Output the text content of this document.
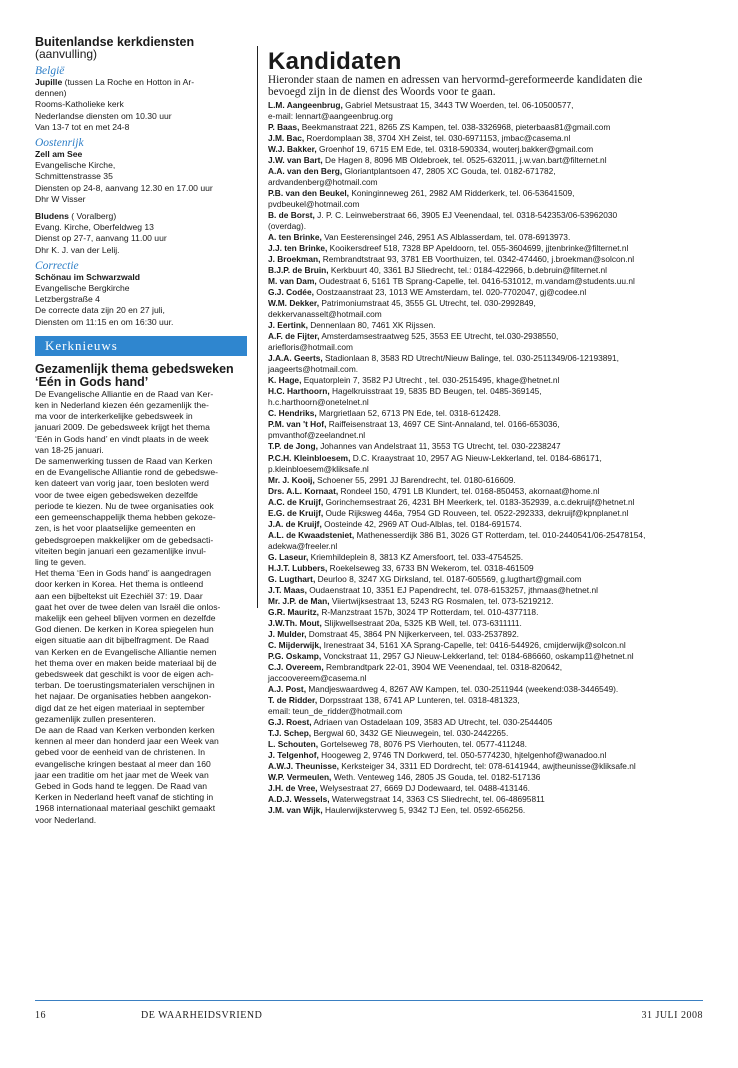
Buitenlandse kerkdiensten
(aanvulling)
België
Jupille (tussen La Roche en Hotton in Ar-
dennen)
Rooms-Katholieke kerk
Nederlandse diensten om 10.30 uur
Van 13-7 tot en met 24-8
Oostenrijk
Zell am See
Evangelische Kirche,
Schmittenstrasse 35
Diensten op 24-8, aanvang 12.30 en 17.00 uur
Dhr W Visser
Bludens ( Voralberg)
Evang. Kirche, Oberfeldweg 13
Dienst op 27-7, aanvang 11.00 uur
Dhr K. J. van der Lelij.
Correctie
Schönau im Schwarzwald
Evangelische Bergkirche
Letzbergstraße 4
De correcte data zijn 20 en 27 juli,
Diensten om 11:15 en om 16:30 uur.
Kerknieuws
Gezamenlijk thema gebedsweken
‘Eén in Gods hand’
De Evangelische Alliantie en de Raad van Ker-
ken in Nederland kiezen één gezamenlijk the-
ma voor de interkerkelijke gebedsweek in
januari 2009. De gebedsweek krijgt het thema
‘Eén in Gods hand’ en vindt plaats in de week
van 18-25 januari.
De samenwerking tussen de Raad van Kerken
en de Evangelische Alliantie rond de gebedswe-
ken dateert van vorig jaar, toen besloten werd
voor de twee eigen gebedsweken dezelfde
periode te kiezen. Nu de twee organisaties ook
een gemeenschappelijk thema hebben gekoze-
zen, is het voor plaatselijke gemeenten en
gebedsgroepen makkelijker om de gebedsacti-
viteiten begin januari een gezamenlijke invul-
ling te geven.
Het thema ‘Een in Gods hand’ is aangedragen
door kerken in Korea. Het thema is ontleend
aan een bijbeltekst uit Ezechiël 37: 19. Daar
gaat het over de twee delen van Israël die onlos-
makelijk een geheel blijven vormen en dezelfde
God dienen. De kerken in Korea spiegelen hun
eigen situatie aan dit bijbelfragment. De Raad
van Kerken en de Evangelische Alliantie nemen
het thema over en maken beide materiaal bij de
gebedsweek dat geschikt is voor de eigen ach-
terban. De toerustingsmaterialen verschijnen in
het najaar. De organisaties hebben aangekon-
digd dat ze het eigen materiaal in september
gezamenlijk zullen presenteren.
De aan de Raad van Kerken verbonden kerken
kennen al meer dan honderd jaar een Week van
gebed voor de eenheid van de christenen. In
evangelische kringen bestaat al meer dan 160
jaar een traditie om het jaar met de Week van
Gebed in Gods hand te leggen. De Raad van
Kerken in Nederland heeft vanaf de stichting in
1968 internationaal materiaal geschikt gemaakt
voor Nederland.
Kandidaten
Hieronder staan de namen en adressen van hervormd-gereformeerde kandidaten die
bevoegd zijn in de dienst des Woords voor te gaan.
L.M. Aangeenbrug, Gabriel Metsustraat 15, 3443 TW Woerden, tel. 06-10500577,
e-mail: lennart@aangeenbrug.org
P. Baas, Beekmanstraat 221, 8265 ZS Kampen, tel. 038-3326968, pieterbaas81@gmail.com
J.M. Bac, Roerdomplaan 38, 3704 XH Zeist, tel. 030-6971153, jmbac@casema.nl
W.J. Bakker, Groenhof 19, 6715 EM Ede, tel. 0318-590334, wouterj.bakker@gmail.com
J.W. van Bart, De Hagen 8, 8096 MB Oldebroek, tel. 0525-632011, j.w.van.bart@filternet.nl
A.A. van den Berg, Gloriantplantsoen 47, 2805 XC Gouda, tel. 0182-671782,
ardvandenberg@hotmail.com
P.B. van den Beukel, Koninginneweg 261, 2982 AM Ridderkerk, tel. 06-53641509,
pvdbeukel@hotmail.com
B. de Borst, J. P. C. Leinweberstraat 66, 3905 EJ Veenendaal, tel. 0318-542353/06-53962030
(overdag).
A. ten Brinke, Van Eesterensingel 246, 2951 AS Alblasserdam, tel. 078-6913973.
J.J. ten Brinke, Kooikersdreef 518, 7328 BP Apeldoorn, tel. 055-3604699, jjtenbrinke@filternet.nl
J. Broekman, Rembrandtstraat 93, 3781 EB Voorthuizen, tel. 0342-474460, j.broekman@solcon.nl
B.J.P. de Bruin, Kerkbuurt 40, 3361 BJ Sliedrecht, tel.: 0184-422966, b.debruin@filternet.nl
M. van Dam, Oudestraat 6, 5161 TB Sprang-Capelle, tel. 0416-531012, m.vandam@students.uu.nl
G.J. Codée, Oostzaanstraat 23, 1013 WE Amsterdam, tel. 020-7702047, gj@codee.nl
W.M. Dekker, Patrimoniumstraat 45, 3555 GL Utrecht, tel. 030-2992849,
dekkervanasselt@hotmail.com
J. Eertink, Dennenlaan 80, 7461 XK Rijssen.
A.F. de Fijter, Amsterdamsestraatweg 525, 3553 EE Utrecht, tel.030-2938550,
ariefloris@hotmail.com
J.A.A. Geerts, Stadionlaan 8, 3583 RD Utrecht/Nieuw Balinge, tel. 030-2511349/06-12193891,
jaageerts@hotmail.com.
K. Hage, Equatorplein 7, 3582 PJ Utrecht , tel. 030-2515495, khage@hetnet.nl
H.C. Harthoorn, Hagelkruisstraat 19, 5835 BD Beugen, tel. 0485-369145,
h.c.harthoorn@onetelnet.nl
C. Hendriks, Margrietlaan 52, 6713 PN Ede, tel. 0318-612428.
P.M. van 't Hof, Raiffeisenstraat 13, 4697 CE Sint-Annaland, tel. 0166-653036,
pmvanthof@zeelandnet.nl
T.P. de Jong, Johannes van Andelstraat 11, 3553 TG Utrecht, tel. 030-2238247
P.C.H. Kleinbloesem, D.C. Kraaystraat 10, 2957 AG Nieuw-Lekkerland, tel. 0184-686171,
p.kleinbloesem@kliksafe.nl
Mr. J. Kooij, Schoener 55, 2991 JJ Barendrecht, tel. 0180-616609.
Drs. A.L. Kornaat, Rondeel 150, 4791 LB Klundert, tel. 0168-850453, akornaat@home.nl
A.C. de Kruijf, Gorinchemsestraat 26, 4231 BH Meerkerk, tel. 0183-352939, a.c.dekruijf@hetnet.nl
E.G. de Kruijf, Oude Rijksweg 446a, 7954 GD Rouveen, tel. 0522-292333, dekruijf@kpnplanet.nl
J.A. de Kruijf, Oosteinde 42, 2969 AT Oud-Alblas, tel. 0184-691574.
A.L. de Kwaadsteniet, Mathenesserdijk 386 B1, 3026 GT Rotterdam, tel. 010-2440541/06-25478154,
adekwa@freeler.nl
G. Laseur, Kriemhildeplein 8, 3813 KZ Amersfoort, tel. 033-4754525.
H.J.T. Lubbers, Roekelseweg 33, 6733 BN Wekerom, tel. 0318-461509
G. Lugthart, Deurloo 8, 3247 XG Dirksland, tel. 0187-605569, g.lugthart@gmail.com
J.T. Maas, Oudaenstraat 10, 3351 EJ Papendrecht, tel. 078-6153257, jthmaas@hetnet.nl
Mr. J.P. de Man, Viiertwijksestraat 13, 5243 RG Rosmalen, tel. 073-5219212.
G.R. Mauritz, R-Manzstraat 157b, 3024 TP Rotterdam, tel. 010-4377118.
J.W.Th. Mout, Slijkwellsestraat 20a, 5325 KB Well, tel. 073-6311111.
J. Mulder, Domstraat 45, 3864 PN Nijkerkerveen, tel. 033-2537892.
C. Mijderwijk, Irenestraat 34, 5161 XA Sprang-Capelle, tel: 0416-544926, cmijderwijk@solcon.nl
P.G. Oskamp, Vonckstraat 11, 2957 GJ Nieuw-Lekkerland, tel: 0184-686660, oskamp11@hetnet.nl
C.J. Overeem, Rembrandtpark 22-01, 3904 WE Veenendaal, tel. 0318-820642,
jaccoovereem@casema.nl
A.J. Post, Mandjeswaardweg 4, 8267 AW Kampen, tel. 030-2511944 (weekend:038-3446549).
T. de Ridder, Dorpsstraat 138, 6741 AP Lunteren, tel. 0318-481323,
email: teun_de_ridder@hotmail.com
G.J. Roest, Adriaen van Ostadelaan 109, 3583 AD Utrecht, tel. 030-2544405
T.J. Schep, Bergwal 60, 3432 GE Nieuwegein, tel. 030-2442265.
L. Schouten, Gortelseweg 78, 8076 PS Vierhouten, tel. 0577-411248.
J. Telgenhof, Hoogeweg 2, 9746 TN Dorkwerd, tel. 050-5774230, hjtelgenhof@wanadoo.nl
A.W.J. Theunisse, Kerksteiger 34, 3311 ED Dordrecht, tel: 078-6141944, awjtheunisse@kliksafe.nl
W.P. Vermeulen, Weth. Venteweg 146, 2805 JS Gouda, tel. 0182-517136
J.H. de Vree, Welysestraat 27, 6669 DJ Dodewaard, tel. 0488-413146.
A.D.J. Wessels, Waterwegstraat 14, 3363 CS Sliedrecht, tel. 06-48695811
J.M. van Wijk, Haulerwijkstervweg 5, 9342 TJ Een, tel. 0592-656256.
16	DE WAARHEIDSVRIEND	31 JULI 2008
